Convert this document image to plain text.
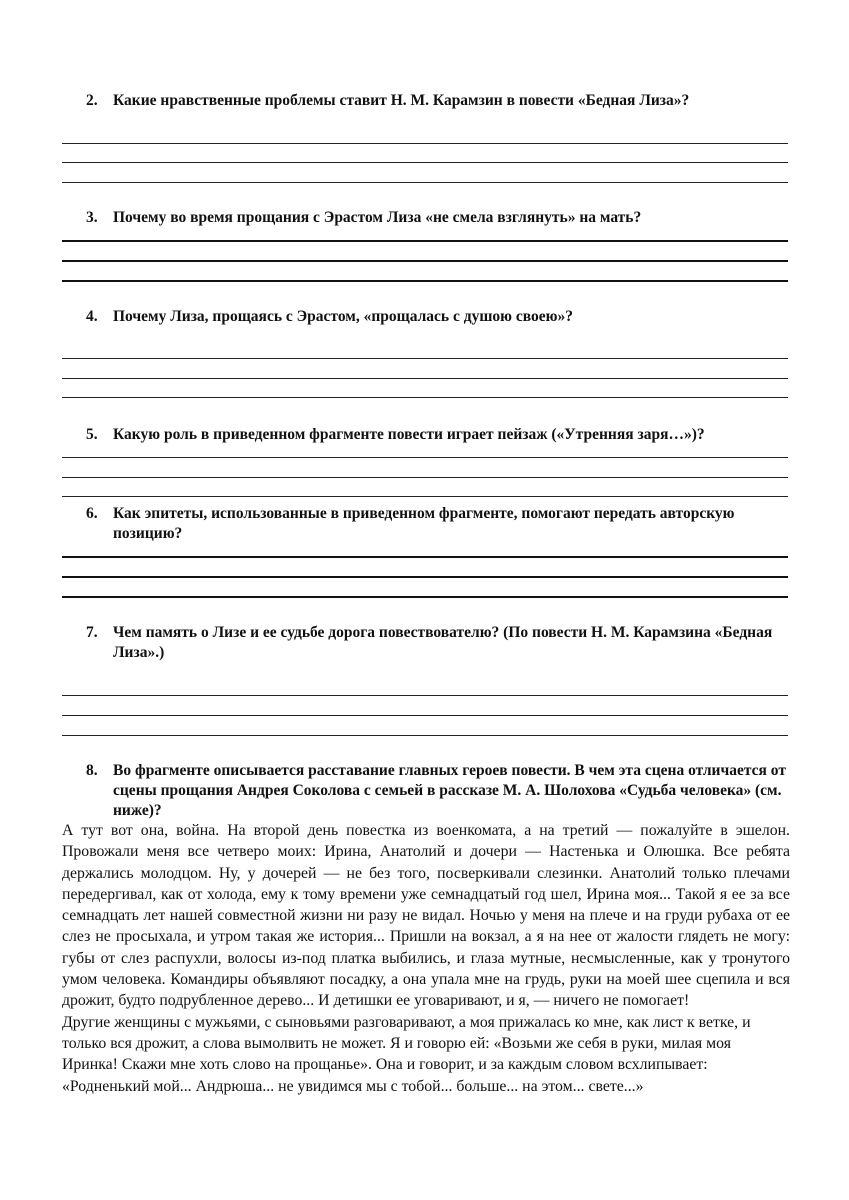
2. Какие нравственные проблемы ставит Н. М. Карамзин в повести «Бедная Лиза»?
3. Почему во время прощания с Эрастом Лиза «не смела взглянуть» на мать?
4. Почему Лиза, прощаясь с Эрастом, «прощалась с душою своею»?
5. Какую роль в приведенном фрагменте повести играет пейзаж («Утренняя заря…»)?
6. Как эпитеты, использованные в приведенном фрагменте, помогают передать авторскую позицию?
7. Чем память о Лизе и ее судьбе дорога повествователю? (По повести Н. М. Карамзина «Бедная Лиза».)
8. Во фрагменте описывается расставание главных героев повести. В чем эта сцена отличается от сцены прощания Андрея Соколова с семьей в рассказе М. А. Шолохова «Судьба человека» (см. ниже)?

А тут вот она, война. На второй день повестка из военкомата, а на третий — пожалуйте в эшелон. Провожали меня все четверо моих: Ирина, Анатолий и дочери — Настенька и Олюшка. Все ребята держались молодцом. Ну, у дочерей — не без того, посверкивали слезинки. Анатолий только плечами передергивал, как от холода, ему к тому времени уже семнадцатый год шел, Ирина моя... Такой я ее за все семнадцать лет нашей совместной жизни ни разу не видал. Ночью у меня на плече и на груди рубаха от ее слез не просыхала, и утром такая же история... Пришли на вокзал, а я на нее от жалости глядеть не могу: губы от слез распухли, волосы из-под платка выбились, и глаза мутные, несмысленные, как у тронутого умом человека. Командиры объявляют посадку, а она упала мне на грудь, руки на моей шее сцепила и вся дрожит, будто подрубленное дерево... И детишки ее уговаривают, и я, — ничего не помогает!

Другие женщины с мужьями, с сыновьями разговаривают, а моя прижалась ко мне, как лист к ветке, и только вся дрожит, а слова вымолвить не может. Я и говорю ей: «Возьми же себя в руки, милая моя Иринка! Скажи мне хоть слово на прощанье». Она и говорит, и за каждым словом всхлипывает: «Родненький мой... Андрюша... не увидимся мы с тобой... больше... на этом... свете...»
